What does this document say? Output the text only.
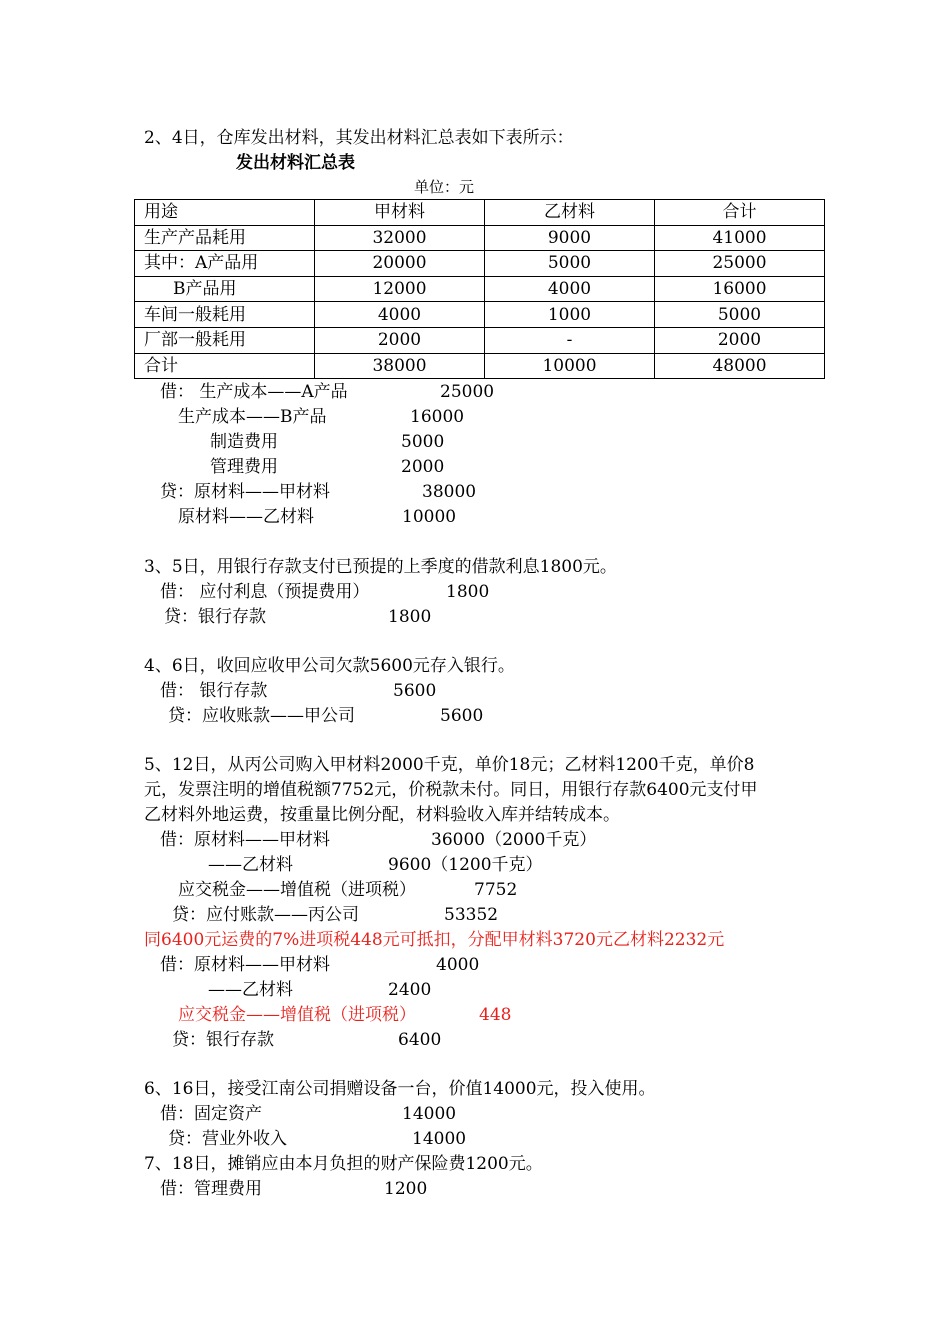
2、4日，仓库发出材料，其发出材料汇总表如下表所示：
发出材料汇总表
单位：元
用途	甲材料	乙材料	合计
生产产品耗用	32000	9000	41000
其中：A产品用	20000	5000	25000
B产品用	12000	4000	16000
车间一般耗用	4000	1000	5000
厂部一般耗用	2000	-	2000
合计	38000	10000	48000
借： 生产成本——A产品	25000
生产成本——B产品	16000
制造费用	5000
管理费用	2000
贷：原材料——甲材料	38000
原材料——乙材料	10000
3、5日，用银行存款支付已预提的上季度的借款利息1800元。
借： 应付利息（预提费用）	1800
贷：银行存款	1800
4、6日，收回应收甲公司欠款5600元存入银行。
借： 银行存款	5600
贷：应收账款——甲公司	5600
5、12日，从丙公司购入甲材料2000千克，单价18元；乙材料1200千克，单价8
元，发票注明的增值税额7752元，价税款未付。同日，用银行存款6400元支付甲
乙材料外地运费，按重量比例分配，材料验收入库并结转成本。
借：原材料——甲材料	36000（2000千克）
——乙材料	9600（1200千克）
应交税金——增值税（进项税）	7752
贷：应付账款——丙公司	53352
同6400元运费的7%进项税448元可抵扣，分配甲材料3720元乙材料2232元
借：原材料——甲材料	4000
——乙材料	2400
应交税金——增值税（进项税）	448
贷：银行存款	6400
6、16日，接受江南公司捐赠设备一台，价值14000元，投入使用。
借：固定资产	14000
贷：营业外收入	14000
7、18日，摊销应由本月负担的财产保险费1200元。
借：管理费用	1200
